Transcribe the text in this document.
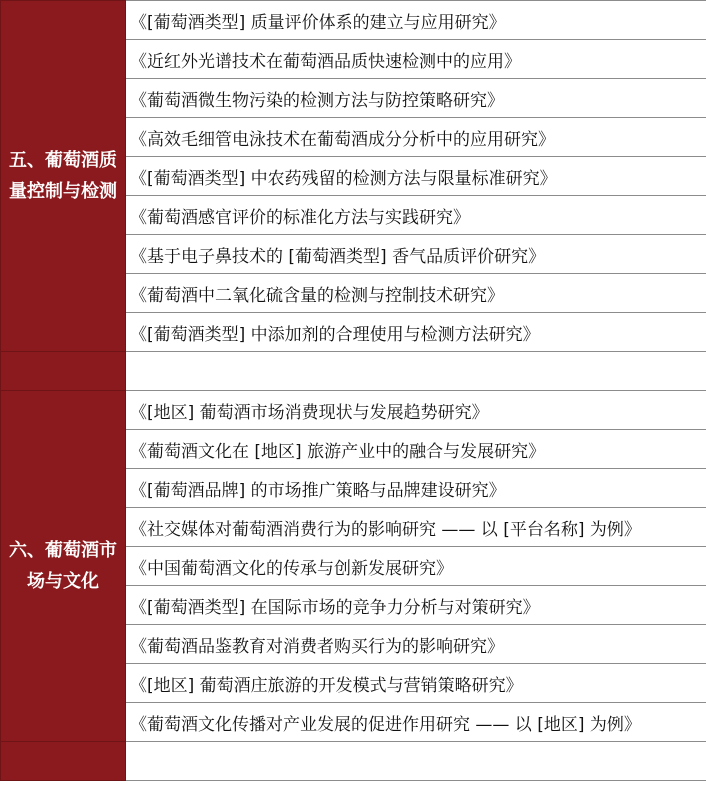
五、葡萄酒质量控制与检测	《[葡萄酒类型] 质量评价体系的建立与应用研究》
	《近红外光谱技术在葡萄酒品质快速检测中的应用》
	《葡萄酒微生物污染的检测方法与防控策略研究》
	《高效毛细管电泳技术在葡萄酒成分分析中的应用研究》
	《[葡萄酒类型] 中农药残留的检测方法与限量标准研究》
	《葡萄酒感官评价的标准化方法与实践研究》
	《基于电子鼻技术的 [葡萄酒类型] 香气品质评价研究》
	《葡萄酒中二氧化硫含量的检测与控制技术研究》
	《[葡萄酒类型] 中添加剂的合理使用与检测方法研究》

六、葡萄酒市场与文化	《[地区] 葡萄酒市场消费现状与发展趋势研究》
	《葡萄酒文化在 [地区] 旅游产业中的融合与发展研究》
	《[葡萄酒品牌] 的市场推广策略与品牌建设研究》
	《社交媒体对葡萄酒消费行为的影响研究 —— 以 [平台名称] 为例》
	《中国葡萄酒文化的传承与创新发展研究》
	《[葡萄酒类型] 在国际市场的竞争力分析与对策研究》
	《葡萄酒品鉴教育对消费者购买行为的影响研究》
	《[地区] 葡萄酒庄旅游的开发模式与营销策略研究》
	《葡萄酒文化传播对产业发展的促进作用研究 —— 以 [地区] 为例》
